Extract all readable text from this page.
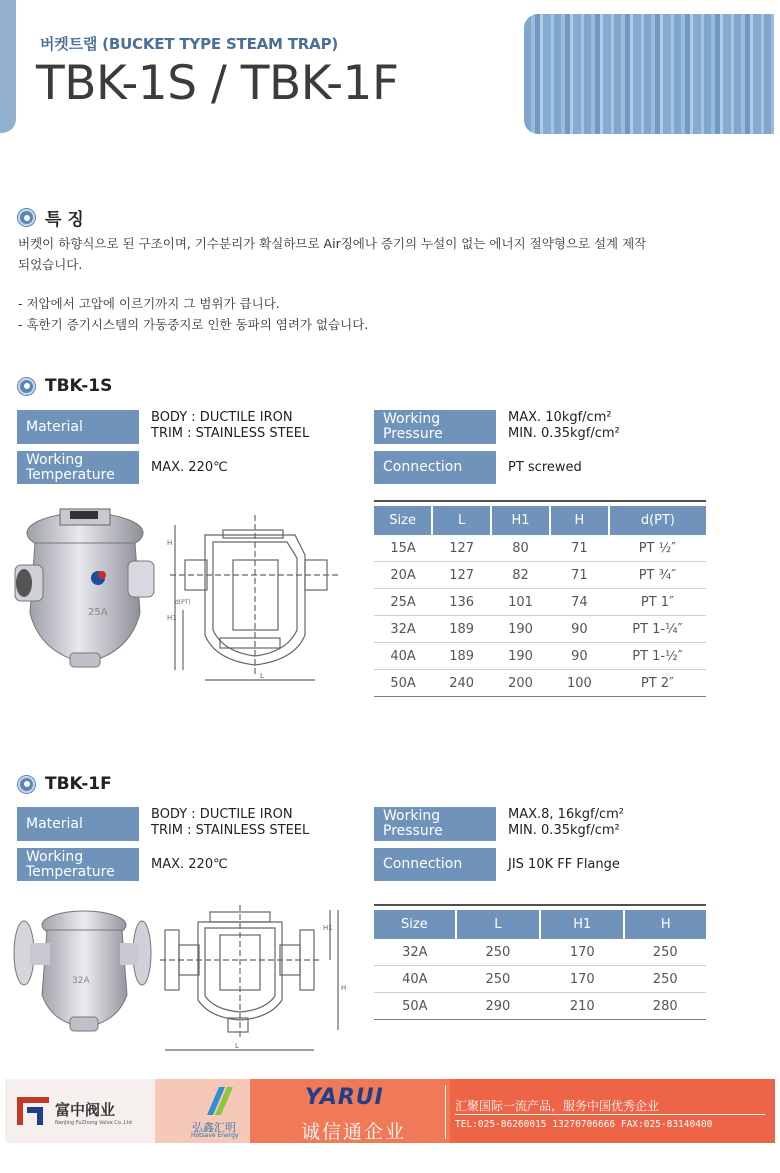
버켓트랩 (BUCKET TYPE STEAM TRAP)
TBK-1S / TBK-1F
특 징
버켓이 하향식으로 된 구조이며, 기수분리가 확실하므로 Air징에나 증기의 누설이 없는 에너지 절약형으로 설계 제작
되었습니다.
- 저압에서 고압에 이르기까지 그 범위가 큽니다.
- 혹한기 증기시스템의 가동중지로 인한 동파의 염려가 없습니다.
TBK-1S
Material
BODY : DUCTILE IRON
TRIM : STAINLESS STEEL
Working
Temperature	MAX. 220℃
Working
Pressure
MAX. 10kgf/cm²
MIN. 0.35kgf/cm²
Connection	PT screwed
25A
H
H1
d(PT)
L
Size	L	H1	H	d(PT)
15A	127	80	71	PT ½″
20A	127	82	71	PT ¾″
25A	136	101	74	PT 1″
32A	189	190	90	PT 1-¼″
40A	189	190	90	PT 1-½″
50A	240	200	100	PT 2″
TBK-1F
Material
BODY : DUCTILE IRON
TRIM : STAINLESS STEEL
Working
Temperature	MAX. 220℃
Working
Pressure
MAX.8, 16kgf/cm²
MIN. 0.35kgf/cm²
Connection	JIS 10K FF Flange
32A
H1
H
L
Size	L	H1	H
32A	250	170	250
40A	250	170	250
50A	290	210	280
富中阀业
NanJing FuZhong Valve Co.,Ltd	弘鑫汇明
Hotsave Energy
YARUI
诚信通企业
汇聚国际一流产品，服务中国优秀企业
TEL:025-86260015 13270706666 FAX:025-83140400
